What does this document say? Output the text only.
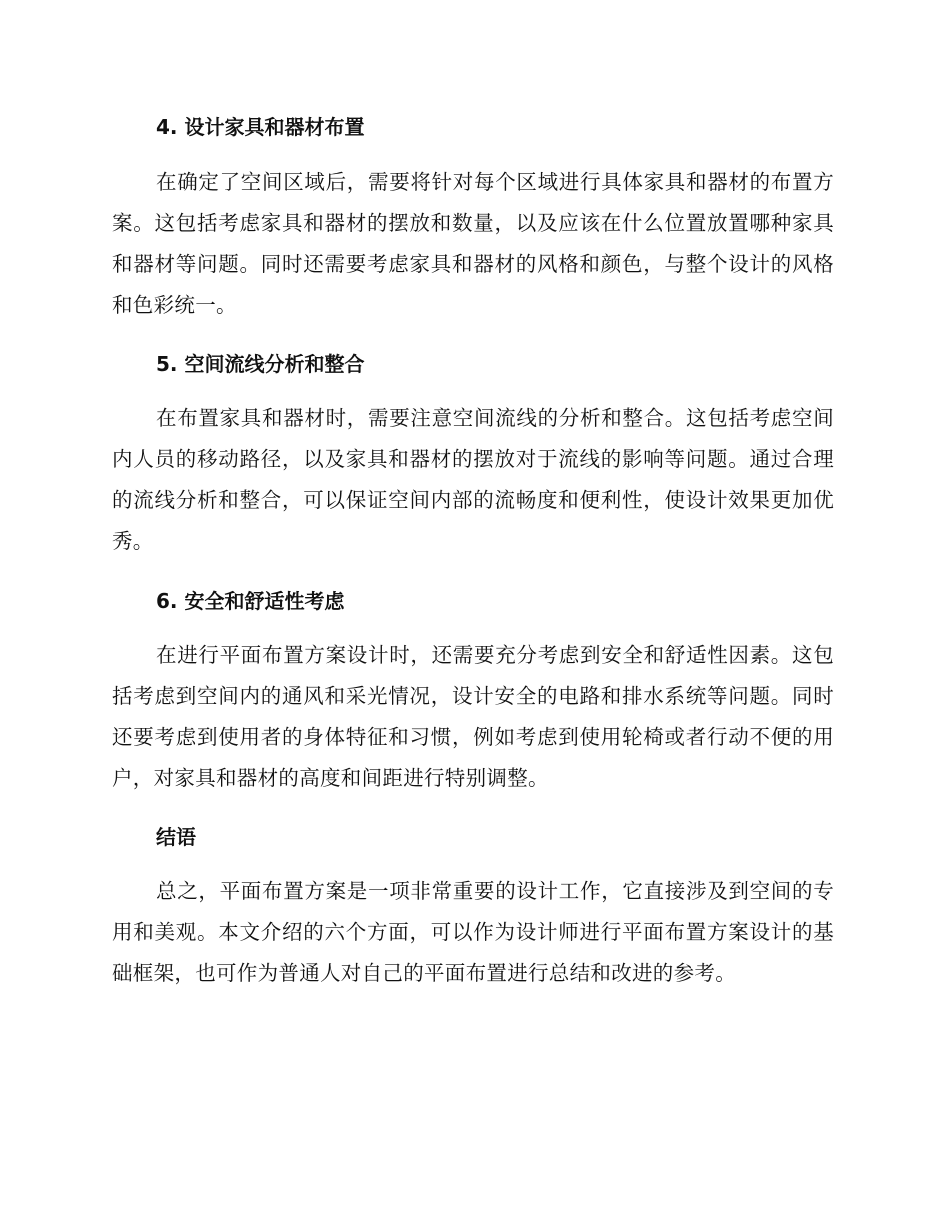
4. 设计家具和器材布置

在确定了空间区域后，需要将针对每个区域进行具体家具和器材的布置方案。这包括考虑家具和器材的摆放和数量，以及应该在什么位置放置哪种家具和器材等问题。同时还需要考虑家具和器材的风格和颜色，与整个设计的风格和色彩统一。

5. 空间流线分析和整合

在布置家具和器材时，需要注意空间流线的分析和整合。这包括考虑空间内人员的移动路径，以及家具和器材的摆放对于流线的影响等问题。通过合理的流线分析和整合，可以保证空间内部的流畅度和便利性，使设计效果更加优秀。

6. 安全和舒适性考虑

在进行平面布置方案设计时，还需要充分考虑到安全和舒适性因素。这包括考虑到空间内的通风和采光情况，设计安全的电路和排水系统等问题。同时还要考虑到使用者的身体特征和习惯，例如考虑到使用轮椅或者行动不便的用户，对家具和器材的高度和间距进行特别调整。

结语

总之，平面布置方案是一项非常重要的设计工作，它直接涉及到空间的专用和美观。本文介绍的六个方面，可以作为设计师进行平面布置方案设计的基础框架，也可作为普通人对自己的平面布置进行总结和改进的参考。
